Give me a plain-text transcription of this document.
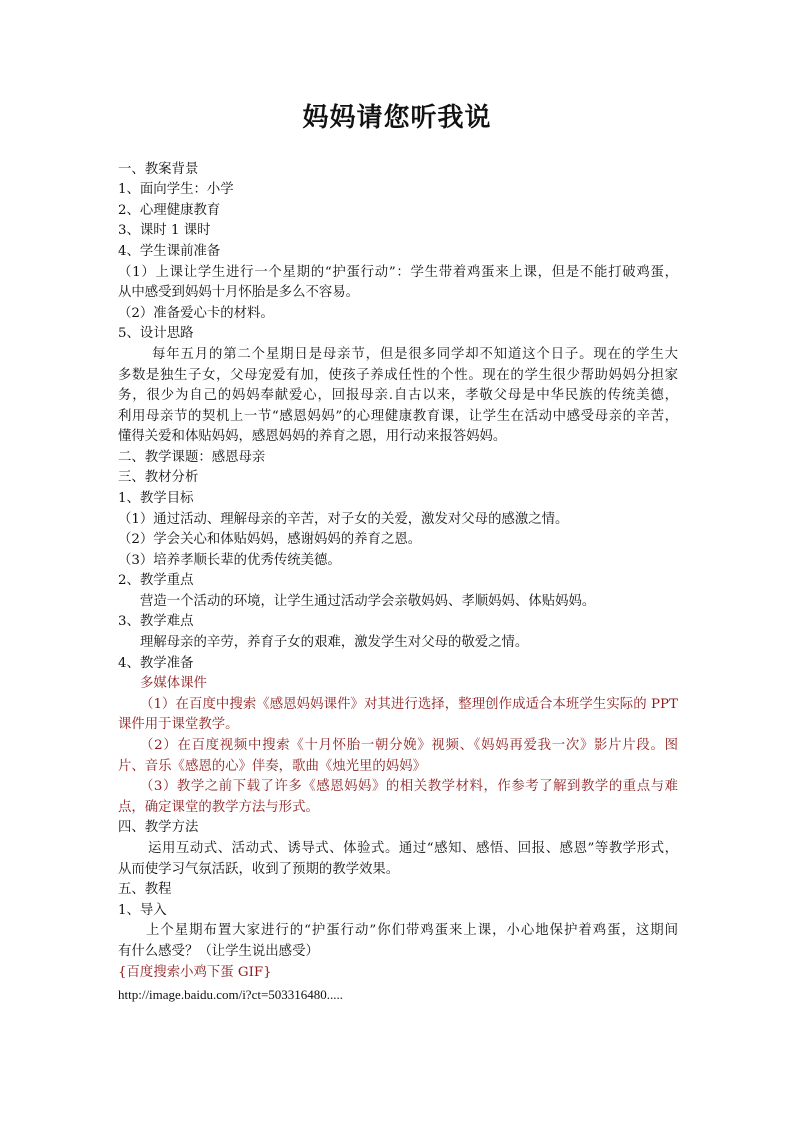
妈妈请您听我说
一、教案背景
1、面向学生：小学
2、心理健康教育
3、课时 1 课时
4、学生课前准备
（1）上课让学生进行一个星期的“护蛋行动”：学生带着鸡蛋来上课，但是不能打破鸡蛋，
从中感受到妈妈十月怀胎是多么不容易。
（2）准备爱心卡的材料。
5、设计思路
每年五月的第二个星期日是母亲节，但是很多同学却不知道这个日子。现在的学生大
多数是独生子女，父母宠爱有加，使孩子养成任性的个性。现在的学生很少帮助妈妈分担家
务，很少为自己的妈妈奉献爱心，回报母亲.自古以来，孝敬父母是中华民族的传统美德，
利用母亲节的契机上一节“感恩妈妈”的心理健康教育课，让学生在活动中感受母亲的辛苦，
懂得关爱和体贴妈妈，感恩妈妈的养育之恩，用行动来报答妈妈。
二、教学课题：感恩母亲
三、教材分析
1、教学目标
（1）通过活动、理解母亲的辛苦，对子女的关爱，激发对父母的感激之情。
（2）学会关心和体贴妈妈，感谢妈妈的养育之恩。
（3）培养孝顺长辈的优秀传统美德。
2、教学重点
营造一个活动的环境，让学生通过活动学会亲敬妈妈、孝顺妈妈、体贴妈妈。
3、教学难点
理解母亲的辛劳，养育子女的艰难，激发学生对父母的敬爱之情。
4、教学准备
多媒体课件
（1）在百度中搜索《感恩妈妈课件》对其进行选择，整理创作成适合本班学生实际的 PPT
课件用于课堂教学。
（2）在百度视频中搜索《十月怀胎一朝分娩》视频、《妈妈再爱我一次》影片片段。图
片、音乐《感恩的心》伴奏，歌曲《烛光里的妈妈》
（3）教学之前下载了许多《感恩妈妈》的相关教学材料，作参考了解到教学的重点与难
点，确定课堂的教学方法与形式。
四、教学方法
运用互动式、活动式、诱导式、体验式。通过“感知、感悟、回报、感恩”等教学形式，
从而使学习气氛活跃，收到了预期的教学效果。
五、教程
1、导入
上个星期布置大家进行的“护蛋行动”你们带鸡蛋来上课，小心地保护着鸡蛋，这期间
有什么感受？（让学生说出感受）
{百度搜索小鸡下蛋 GIF}
http://image.baidu.com/i?ct=503316480.....
